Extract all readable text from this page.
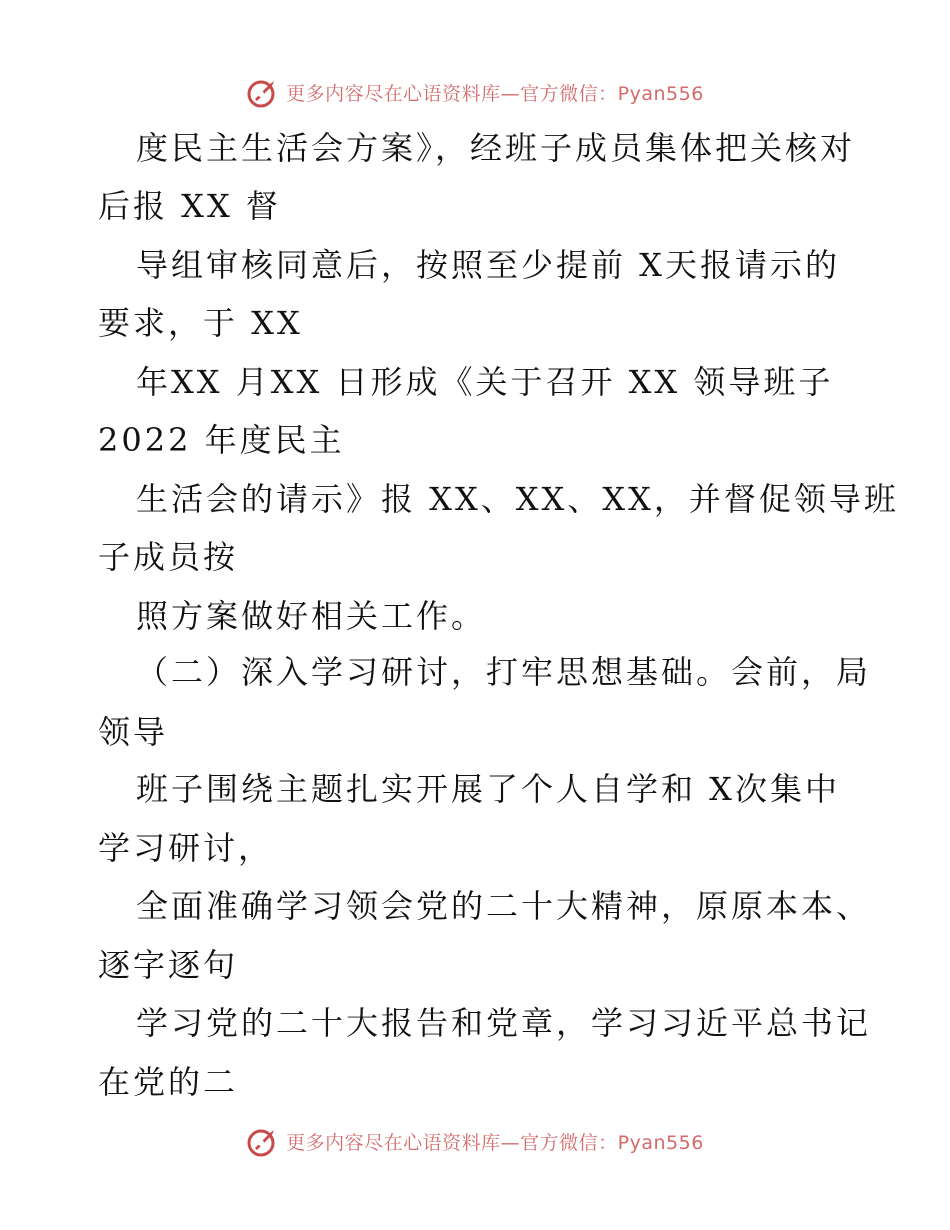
更多内容尽在心语资料库—官方微信：Pyan556
度民主生活会方案》，经班子成员集体把关核对
后报 XX 督
导组审核同意后，按照至少提前 X天报请示的
要求，于 XX
年XX 月XX 日形成《关于召开 XX 领导班子
2022 年度民主
生活会的请示》报 XX、XX、XX，并督促领导班
子成员按
照方案做好相关工作。
（二）深入学习研讨，打牢思想基础。会前，局
领导
班子围绕主题扎实开展了个人自学和 X次集中
学习研讨，
全面准确学习领会党的二十大精神，原原本本、
逐字逐句
学习党的二十大报告和党章，学习习近平总书记
在党的二
更多内容尽在心语资料库—官方微信：Pyan556
